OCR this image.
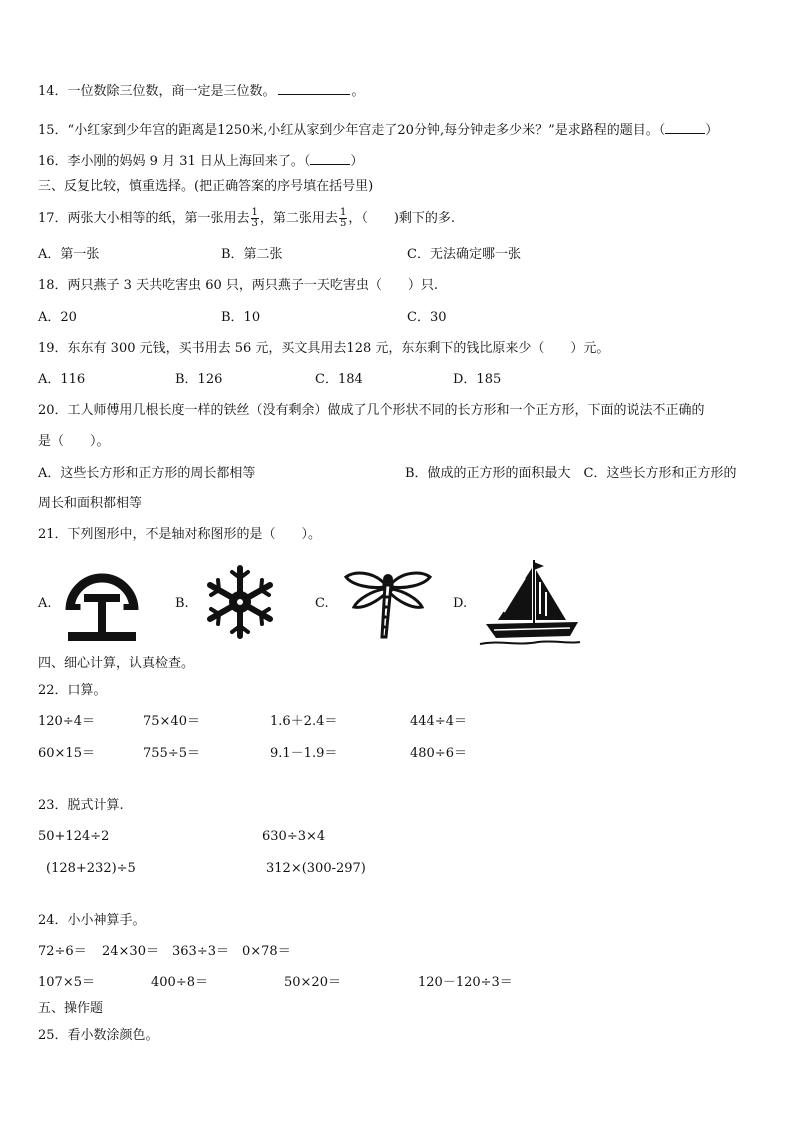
14．一位数除三位数，商一定是三位数。	。
15．“小红家到少年宫的距离是1250米,小红从家到少年宫走了20分钟,每分钟走多少米？”是求路程的题目。（	）
16．李小刚的妈妈 9 月 31 日从上海回来了。（	）
三、反复比较，慎重选择。(把正确答案的序号填在括号里)
17．两张大小相等的纸，第一张用去 $\frac{1}{3}$ ，第二张用去 $\frac{1}{5}$ ，（　　)剩下的多.
A．第一张	B．第二张	C．无法确定哪一张
18．两只燕子 3 天共吃害虫 60 只，两只燕子一天吃害虫（　　）只.
A．20	B．10	C．30
19．东东有 300 元钱，买书用去 56 元，买文具用去128 元，东东剩下的钱比原来少（　　）元。
A．116	B．126	C．184	D．185
20．工人师傅用几根长度一样的铁丝（没有剩余）做成了几个形状不同的长方形和一个正方形，下面的说法不正确的
是（　　）。
A．这些长方形和正方形的周长都相等	B．做成的正方形的面积最大　C．这些长方形和正方形的
周长和面积都相等
21．下列图形中，不是轴对称图形的是（　　）。
A.	B.	C.	D.
四、细心计算，认真检查。
22．口算。
120÷4＝	75×40＝	1.6＋2.4＝	444÷4＝
60×15＝	755÷5＝	9.1－1.9＝	480÷6＝
23．脱式计算.
50+124÷2	630÷3×4
(128+232)÷5	312×(300-297)
24．小小神算手。
72÷6＝ 24×30＝ 363÷3＝ 0×78＝
107×5＝	400÷8＝	50×20＝	120－120÷3＝
五、操作题
25．看小数涂颜色。
